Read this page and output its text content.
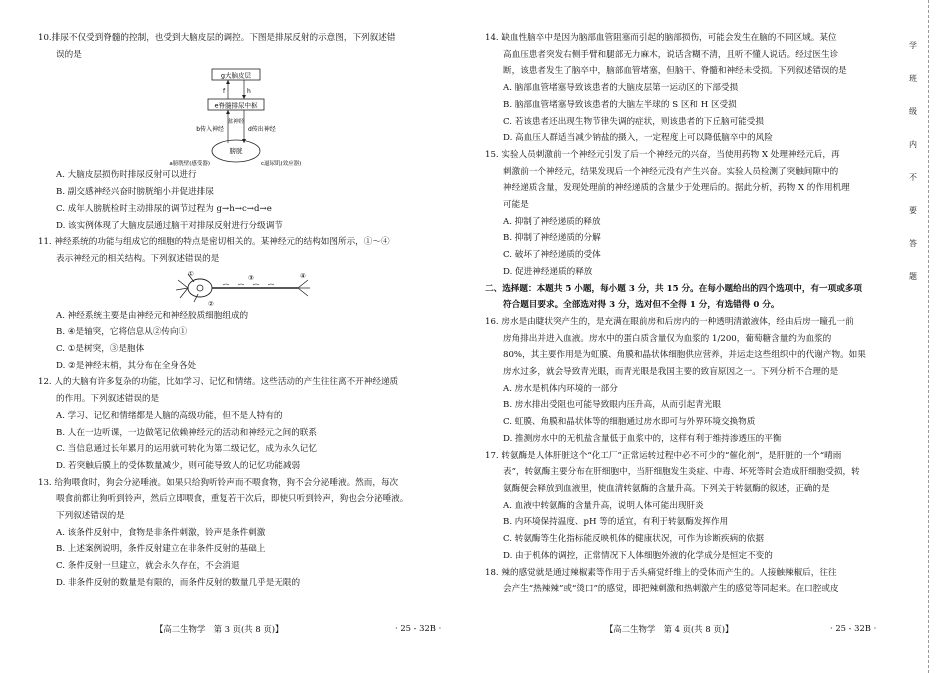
10.排尿不仅受到脊髓的控制，也受到大脑皮层的调控。下图是排尿反射的示意图，下列叙述错

误的是

g大脑皮层
f	h
e脊髓排尿中枢
盆神经
b传入神经	d传出神经
膀胱
a膀胱壁(感受器)	c逼尿肌(效应器)

A. 大脑皮层损伤时排尿反射可以进行

B. 副交感神经兴奋时膀胱缩小并促进排尿

C. 成年人膀胱检时主动排尿的调节过程为 g→h→c→d→e

D. 该实例体现了大脑皮层通过脑干对排尿反射进行分级调节

11. 神经系统的功能与组成它的细胞的特点是密切相关的。某神经元的结构如图所示，①～④

表示神经元的相关结构。下列叙述错误的是

①
②
③	④

A. 神经系统主要是由神经元和神经胶质细胞组成的

B. ④是轴突，它将信息从②传向①

C. ①是树突，③是胞体

D. ②是神经末梢，其分布在全身各处

12. 人的大脑有许多复杂的功能，比如学习、记忆和情绪。这些活动的产生往往离不开神经递质

的作用。下列叙述错误的是

A. 学习、记忆和情绪都是人脑的高级功能，但不是人特有的

B. 人在一边听课，一边做笔记依赖神经元的活动和神经元之间的联系

C. 当信息通过长年累月的运用就可转化为第二级记忆，成为永久记忆

D. 若突触后膜上的受体数量减少，则可能导致人的记忆功能减弱

13. 给狗喂食时，狗会分泌唾液。如果只给狗听铃声而不喂食物，狗不会分泌唾液。然而，每次

喂食前都让狗听到铃声，然后立即喂食，重复若干次后，即使只听到铃声，狗也会分泌唾液。

下列叙述错误的是

A. 该条件反射中，食物是非条件刺激，铃声是条件刺激

B. 上述案例说明，条件反射建立在非条件反射的基础上

C. 条件反射一旦建立，就会永久存在，不会消退

D. 非条件反射的数量是有限的，而条件反射的数量几乎是无限的

【高二生物学　第 3 页(共 8 页)】	· 25 - 32B ·

14. 缺血性脑卒中是因为脑部血管阻塞而引起的脑部损伤，可能会发生在脑的不同区域。某位

高血压患者突发右侧手臂和腿部无力麻木，说话含糊不清，且听不懂人说话。经过医生诊

断，该患者发生了脑卒中，脑部血管堵塞，但脑干、脊髓和神经未受损。下列叙述错误的是

A. 脑部血管堵塞导致该患者的大脑皮层第一运动区的下部受损

B. 脑部血管堵塞导致该患者的大脑左半球的 S 区和 H 区受损

C. 若该患者还出现生物节律失调的症状，则该患者的下丘脑可能受损

D. 高血压人群适当减少钠盐的摄入，一定程度上可以降低脑卒中的风险

15. 实验人员刺激前一个神经元引发了后一个神经元的兴奋，当使用药物 X 处理神经元后，再

刺激前一个神经元，结果发现后一个神经元没有产生兴奋。实验人员检测了突触间隙中的

神经递质含量，发现处理前的神经递质的含量少于处理后的。据此分析，药物 X 的作用机理

可能是

A. 抑制了神经递质的释放

B. 抑制了神经递质的分解

C. 破坏了神经递质的受体

D. 促进神经递质的释放

二、选择题：本题共 5 小题，每小题 3 分，共 15 分。在每小题给出的四个选项中，有一项或多项

符合题目要求。全部选对得 3 分，选对但不全得 1 分，有选错得 0 分。

16. 房水是由睫状突产生的，是充满在眼前房和后房内的一种透明清澈液体，经由后房一瞳孔一前

房角排出并进入血液。房水中的蛋白质含量仅为血浆的 1/200，葡萄糖含量约为血浆的

80%，其主要作用是为虹膜、角膜和晶状体细胞供应营养，并运走这些组织中的代谢产物。如果

房水过多，就会导致青光眼，而青光眼是我国主要的致盲原因之一。下列分析不合理的是

A. 房水是机体内环境的一部分

B. 房水排出受阻也可能导致眼内压升高，从而引起青光眼

C. 虹膜、角膜和晶状体等的细胞通过房水即可与外界环境交换物质

D. 推测房水中的无机盐含量低于血浆中的，这样有利于维持渗透压的平衡

17. 转氨酶是人体肝脏这个“化工厂”正常运转过程中必不可少的“催化剂”，是肝脏的一个“晴雨

表”，转氨酶主要分布在肝细胞中，当肝细胞发生炎症、中毒、坏死等时会造成肝细胞受损，转

氨酶便会释放到血液里，使血清转氨酶的含量升高。下列关于转氨酶的叙述，正确的是

A. 血液中转氨酶的含量升高，说明人体可能出现肝炎

B. 内环境保持温度、pH 等的适宜，有利于转氨酶发挥作用

C. 转氨酶等生化指标能反映机体的健康状况，可作为诊断疾病的依据

D. 由于机体的调控，正常情况下人体细胞外液的化学成分是恒定不变的

18. 辣的感觉就是通过辣椒素等作用于舌头痛觉纤维上的受体而产生的。人接触辣椒后，往往

会产生“热辣辣”或“烫口”的感觉，即把辣刺激和热刺激产生的感觉等同起来。在口腔或皮

【高二生物学　第 4 页(共 8 页)】	· 25 - 32B ·
学
班
级
内
不
要
答
题
